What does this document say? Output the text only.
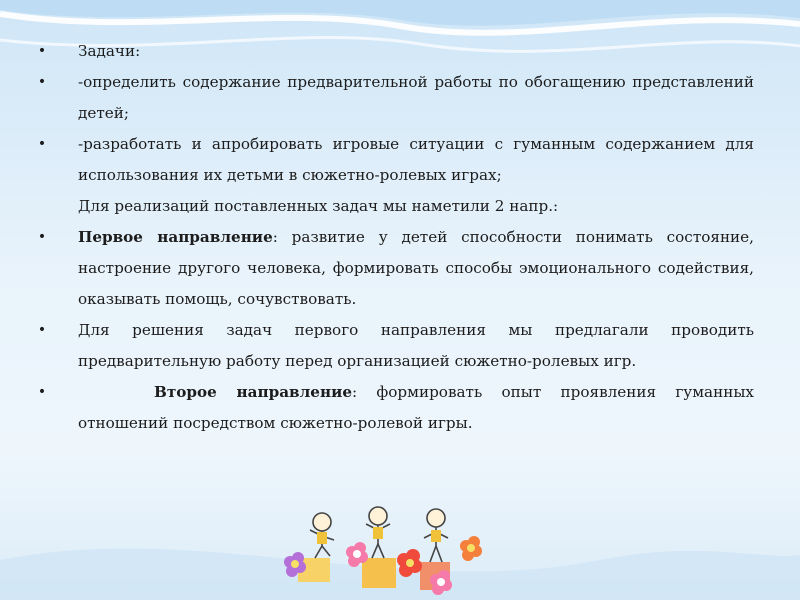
• Задачи:

• -определить содержание предварительной работы по обогащению представлений детей;

• -разработать и апробировать игровые ситуации с гуманным содержанием для использования их детьми в сюжетно-ролевых играх;

Для реализаций поставленных задач мы наметили 2 напр.:

• Первое направление: развитие у детей способности понимать состояние, настроение другого человека, формировать способы эмоционального содействия, оказывать помощь, сочувствовать.

• Для решения задач первого направления мы предлагали проводить предварительную работу перед организацией сюжетно-ролевых игр.

•	Второе направление: формировать опыт проявления гуманных отношений посредством сюжетно-ролевой игры.
